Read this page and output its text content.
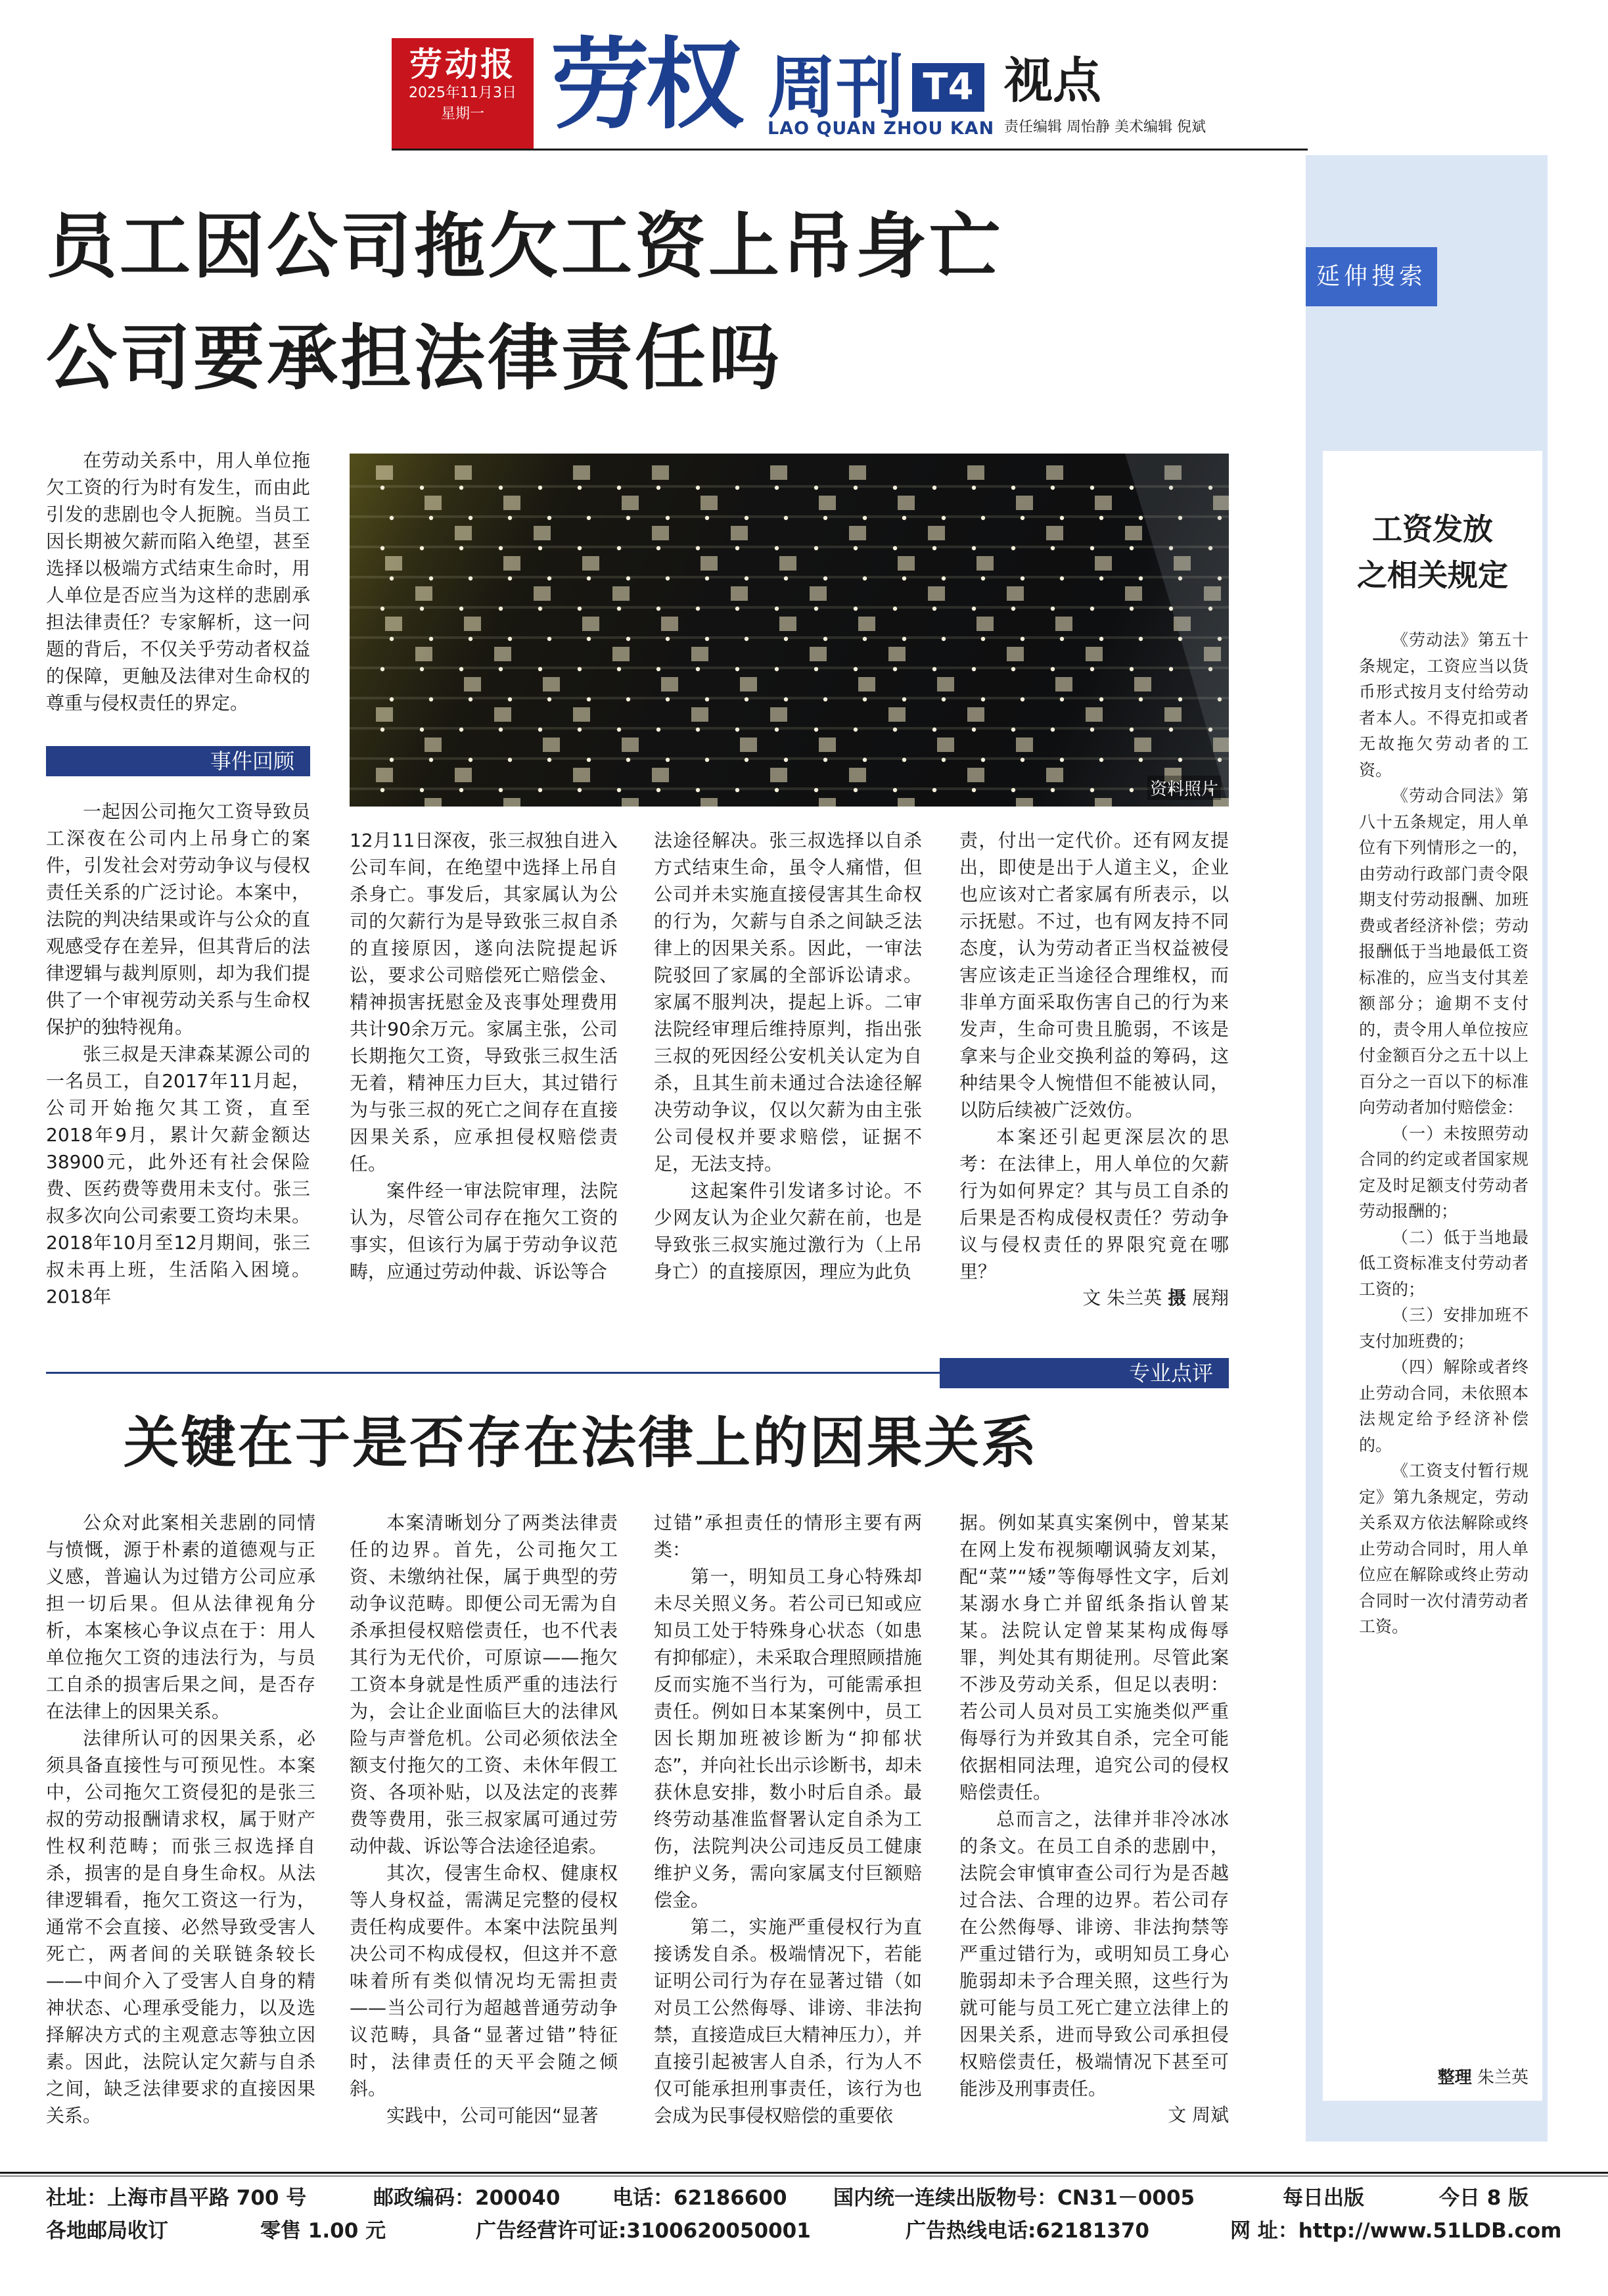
劳动报
2025年11月3日
星期一 劳权 周刊 T4
LAO QUAN ZHOU KAN
视点
责任编辑 周怡静 美术编辑 倪斌
延伸搜索
员工因公司拖欠工资上吊身亡
公司要承担法律责任吗

在劳动关系中，用人单位拖欠工资的行为时有发生，而由此引发的悲剧也令人扼腕。当员工因长期被欠薪而陷入绝望，甚至选择以极端方式结束生命时，用人单位是否应当为这样的悲剧承担法律责任？专家解析，这一问题的背后，不仅关乎劳动者权益的保障，更触及法律对生命权的尊重与侵权责任的界定。

资料照片
事件回顾

一起因公司拖欠工资导致员工深夜在公司内上吊身亡的案件，引发社会对劳动争议与侵权责任关系的广泛讨论。本案中，法院的判决结果或许与公众的直观感受存在差异，但其背后的法律逻辑与裁判原则，却为我们提供了一个审视劳动关系与生命权保护的独特视角。

张三叔是天津森某源公司的一名员工，自2017年11月起，公司开始拖欠其工资，直至2018年9月，累计欠薪金额达38900元，此外还有社会保险费、医药费等费用未支付。张三叔多次向公司索要工资均未果。2018年10月至12月期间，张三叔未再上班，生活陷入困境。2018年

12月11日深夜，张三叔独自进入公司车间，在绝望中选择上吊自杀身亡。事发后，其家属认为公司的欠薪行为是导致张三叔自杀的直接原因，遂向法院提起诉讼，要求公司赔偿死亡赔偿金、精神损害抚慰金及丧事处理费用共计90余万元。家属主张，公司长期拖欠工资，导致张三叔生活无着，精神压力巨大，其过错行为与张三叔的死亡之间存在直接因果关系，应承担侵权赔偿责任。

案件经一审法院审理，法院认为，尽管公司存在拖欠工资的事实，但该行为属于劳动争议范畴，应通过劳动仲裁、诉讼等合

法途径解决。张三叔选择以自杀方式结束生命，虽令人痛惜，但公司并未实施直接侵害其生命权的行为，欠薪与自杀之间缺乏法律上的因果关系。因此，一审法院驳回了家属的全部诉讼请求。家属不服判决，提起上诉。二审法院经审理后维持原判，指出张三叔的死因经公安机关认定为自杀，且其生前未通过合法途径解决劳动争议，仅以欠薪为由主张公司侵权并要求赔偿，证据不足，无法支持。

这起案件引发诸多讨论。不少网友认为企业欠薪在前，也是导致张三叔实施过激行为（上吊身亡）的直接原因，理应为此负

责，付出一定代价。还有网友提出，即使是出于人道主义，企业也应该对亡者家属有所表示，以示抚慰。不过，也有网友持不同态度，认为劳动者正当权益被侵害应该走正当途径合理维权，而非单方面采取伤害自己的行为来发声，生命可贵且脆弱，不该是拿来与企业交换利益的筹码，这种结果令人惋惜但不能被认同，以防后续被广泛效仿。

本案还引起更深层次的思考：在法律上，用人单位的欠薪行为如何界定？其与员工自杀的后果是否构成侵权责任？劳动争议与侵权责任的界限究竟在哪里？

文 朱兰英 摄 展翔
专业点评
关键在于是否存在法律上的因果关系

公众对此案相关悲剧的同情与愤慨，源于朴素的道德观与正义感，普遍认为过错方公司应承担一切后果。但从法律视角分析，本案核心争议点在于：用人单位拖欠工资的违法行为，与员工自杀的损害后果之间，是否存在法律上的因果关系。

法律所认可的因果关系，必须具备直接性与可预见性。本案中，公司拖欠工资侵犯的是张三叔的劳动报酬请求权，属于财产性权利范畴；而张三叔选择自杀，损害的是自身生命权。从法律逻辑看，拖欠工资这一行为，通常不会直接、必然导致受害人死亡，两者间的关联链条较长——中间介入了受害人自身的精神状态、心理承受能力，以及选择解决方式的主观意志等独立因素。因此，法院认定欠薪与自杀之间，缺乏法律要求的直接因果关系。

本案清晰划分了两类法律责任的边界。首先，公司拖欠工资、未缴纳社保，属于典型的劳动争议范畴。即便公司无需为自杀承担侵权赔偿责任，也不代表其行为无代价，可原谅——拖欠工资本身就是性质严重的违法行为，会让企业面临巨大的法律风险与声誉危机。公司必须依法全额支付拖欠的工资、未休年假工资、各项补贴，以及法定的丧葬费等费用，张三叔家属可通过劳动仲裁、诉讼等合法途径追索。

其次，侵害生命权、健康权等人身权益，需满足完整的侵权责任构成要件。本案中法院虽判决公司不构成侵权，但这并不意味着所有类似情况均无需担责——当公司行为超越普通劳动争议范畴，具备“显著过错”特征时，法律责任的天平会随之倾斜。

实践中，公司可能因“显著

过错”承担责任的情形主要有两类：

第一，明知员工身心特殊却未尽关照义务。若公司已知或应知员工处于特殊身心状态（如患有抑郁症），未采取合理照顾措施反而实施不当行为，可能需承担责任。例如日本某案例中，员工因长期加班被诊断为“抑郁状态”，并向社长出示诊断书，却未获休息安排，数小时后自杀。最终劳动基准监督署认定自杀为工伤，法院判决公司违反员工健康维护义务，需向家属支付巨额赔偿金。

第二，实施严重侵权行为直接诱发自杀。极端情况下，若能证明公司行为存在显著过错（如对员工公然侮辱、诽谤、非法拘禁，直接造成巨大精神压力），并直接引起被害人自杀，行为人不仅可能承担刑事责任，该行为也会成为民事侵权赔偿的重要依

据。例如某真实案例中，曾某某在网上发布视频嘲讽骑友刘某，配“菜”“矮”等侮辱性文字，后刘某溺水身亡并留纸条指认曾某某。法院认定曾某某构成侮辱罪，判处其有期徒刑。尽管此案不涉及劳动关系，但足以表明：若公司人员对员工实施类似严重侮辱行为并致其自杀，完全可能依据相同法理，追究公司的侵权赔偿责任。

总而言之，法律并非冷冰冰的条文。在员工自杀的悲剧中，法院会审慎审查公司行为是否越过合法、合理的边界。若公司存在公然侮辱、诽谤、非法拘禁等严重过错行为，或明知员工身心脆弱却未予合理关照，这些行为就可能与员工死亡建立法律上的因果关系，进而导致公司承担侵权赔偿责任，极端情况下甚至可能涉及刑事责任。

文 周斌
工资发放
之相关规定

《劳动法》第五十条规定，工资应当以货币形式按月支付给劳动者本人。不得克扣或者无故拖欠劳动者的工资。

《劳动合同法》第八十五条规定，用人单位有下列情形之一的，由劳动行政部门责令限期支付劳动报酬、加班费或者经济补偿；劳动报酬低于当地最低工资标准的，应当支付其差额部分；逾期不支付的，责令用人单位按应付金额百分之五十以上百分之一百以下的标准向劳动者加付赔偿金：

（一）未按照劳动合同的约定或者国家规定及时足额支付劳动者劳动报酬的；

（二）低于当地最低工资标准支付劳动者工资的；

（三）安排加班不支付加班费的；

（四）解除或者终止劳动合同，未依照本法规定给予经济补偿的。

《工资支付暂行规定》第九条规定，劳动关系双方依法解除或终止劳动合同时，用人单位应在解除或终止劳动合同时一次付清劳动者工资。

整理 朱兰英
社址：上海市昌平路 700 号	邮政编码：200040	电话：62186600 国内统一连续出版物号：CN31－0005	每日出版	今日 8 版
各地邮局收订	零售 1.00 元	广告经营许可证:3100620050001	广告热线电话:62181370	网 址：http://www.51LDB.com
